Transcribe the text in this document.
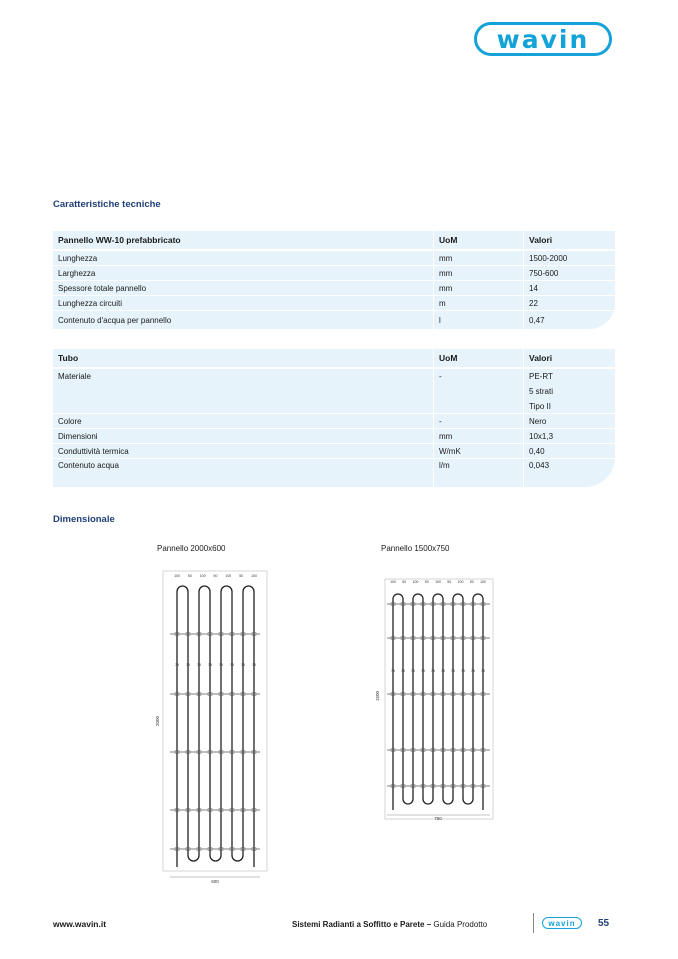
wavin
Caratteristiche tecniche
Pannello WW-10 prefabbricato	UoM	Valori
Lunghezza	mm	1500-2000
Larghezza	mm	750-600
Spessore totale pannello	mm	14
Lunghezza circuiti	m	22
Contenuto d'acqua per pannello	l	0,47
Tubo	UoM	Valori
Materiale	-	PE-RT
5 strati
Tipo II
Colore	-	Nero
Dimensioni	mm	10x1,3
Conduttività termica	W/mK	0,40
Contenuto acqua	l/m	0,043
Dimensionale
Pannello 2000x600	Pannello 1500x750
100 50 100 50 100 50 100
75 75 75 75 75 75 75 75
600
2000
100 50 100 50 100 50 100 50 100
75 75 75 75 75 75 75 75 75 75
750
1500
www.wavin.it	Sistemi Radianti a Soffitto e Parete – Guida Prodotto	wavin	55
